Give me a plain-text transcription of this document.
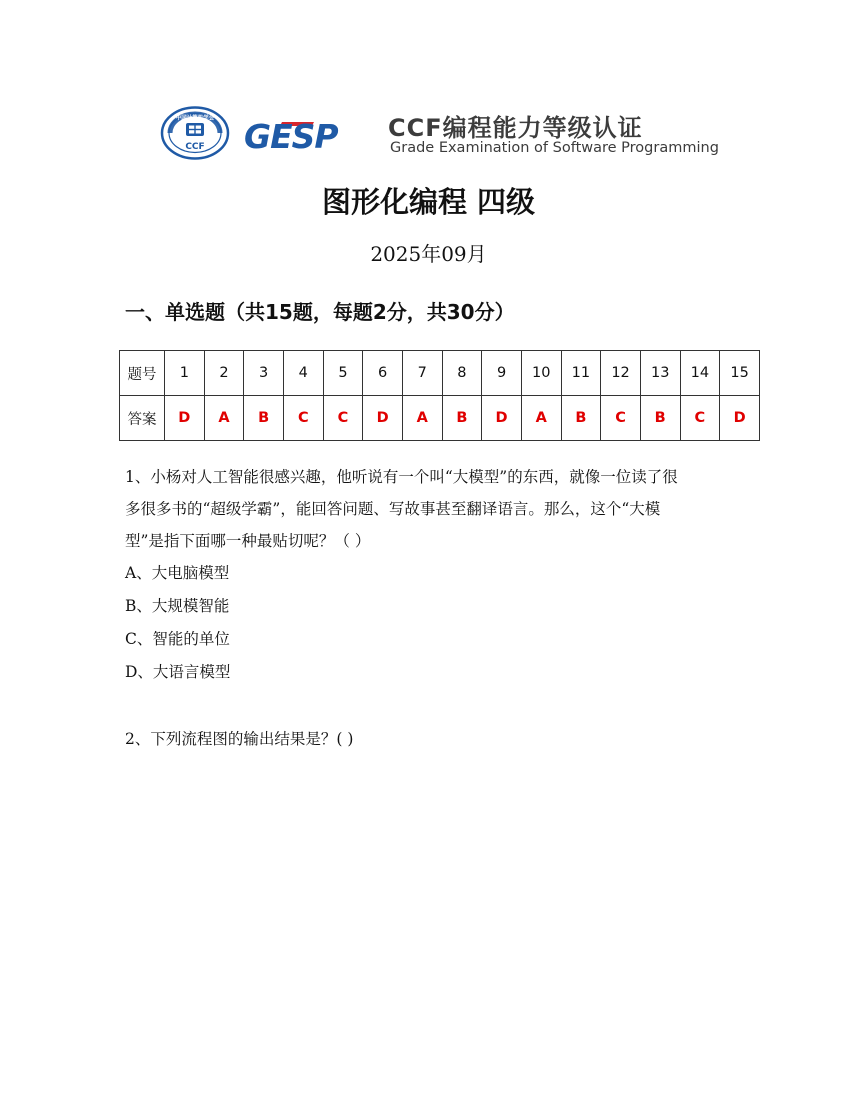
中国计算机学会
CCF GESP CCF编程能力等级认证
Grade Examination of Software Programming
图形化编程 四级
2025年09月
一、单选题（共15题，每题2分，共30分）
题号	1	2	3	4	5	6	7	8	9	10	11	12	13	14	15
答案	D	A	B	C	C	D	A	B	D	A	B	C	B	C	D

1、小杨对人工智能很感兴趣，他听说有一个叫“大模型”的东西，就像一位读了很
多很多书的“超级学霸”，能回答问题、写故事甚至翻译语言。那么，这个“大模
型”是指下面哪一种最贴切呢？（ ）

A、大电脑模型
B、大规模智能
C、智能的单位
D、大语言模型
2、下列流程图的输出结果是？( )
